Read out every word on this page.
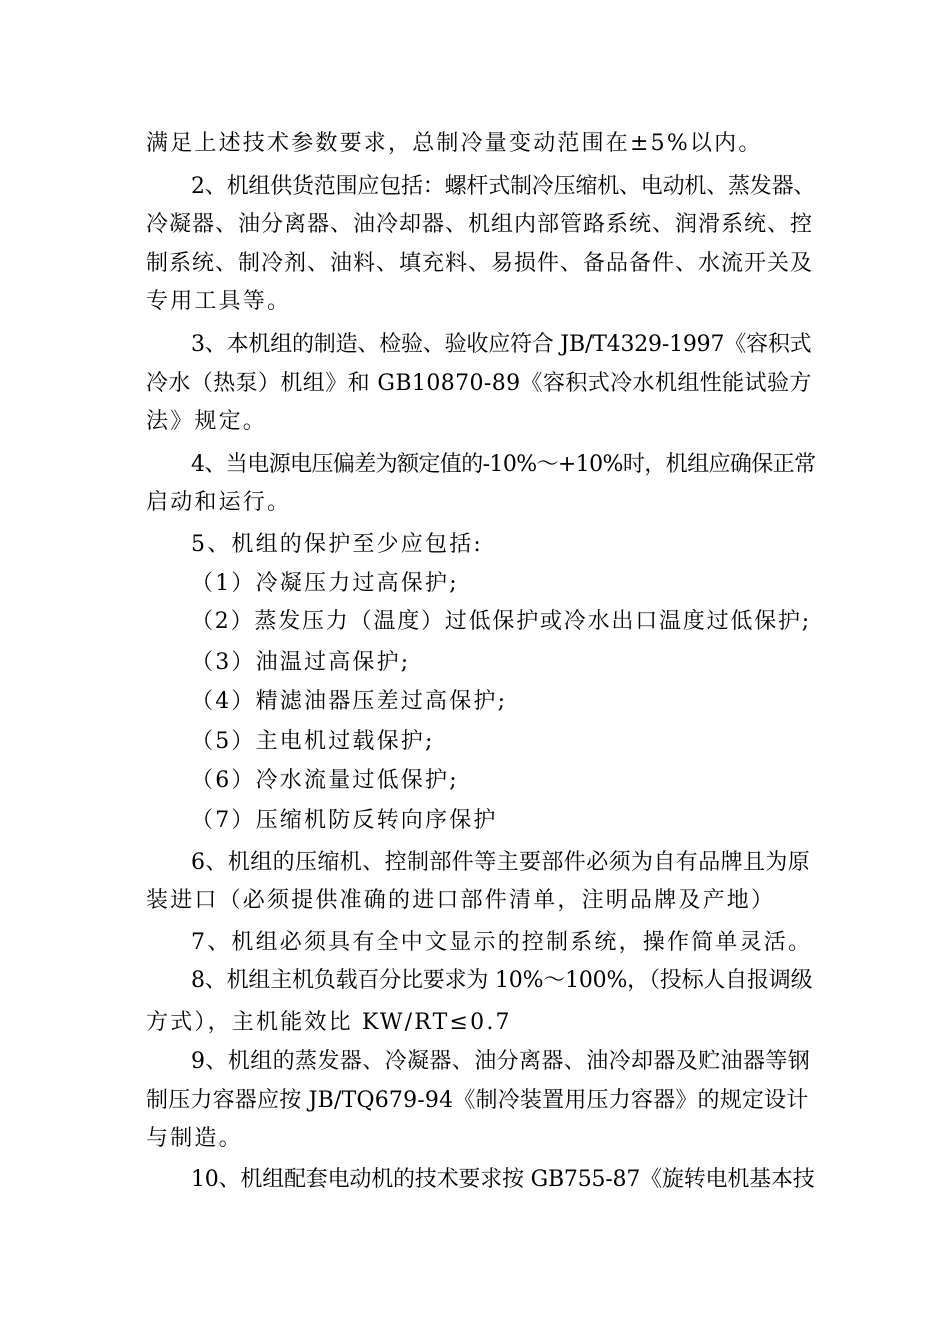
满足上述技术参数要求，总制冷量变动范围在±5%以内。
2、机组供货范围应包括：螺杆式制冷压缩机、电动机、蒸发器、
冷凝器、油分离器、油冷却器、机组内部管路系统、润滑系统、控
制系统、制冷剂、油料、填充料、易损件、备品备件、水流开关及
专用工具等。
3、本机组的制造、检验、验收应符合 JB/T4329-1997《容积式
冷水（热泵）机组》和 GB10870-89《容积式冷水机组性能试验方
法》规定。
4、当电源电压偏差为额定值的-10%～+10%时，机组应确保正常
启动和运行。
5、机组的保护至少应包括:
（1）冷凝压力过高保护;
（2）蒸发压力（温度）过低保护或冷水出口温度过低保护;
（3）油温过高保护;
（4）精滤油器压差过高保护;
（5）主电机过载保护;
（6）冷水流量过低保护;
（7）压缩机防反转向序保护
6、机组的压缩机、控制部件等主要部件必须为自有品牌且为原
装进口（必须提供准确的进口部件清单，注明品牌及产地）
7、机组必须具有全中文显示的控制系统，操作简单灵活。
8、机组主机负载百分比要求为 10%～100%，（投标人自报调级
方式），主机能效比 KW/RT≤0.7
9、机组的蒸发器、冷凝器、油分离器、油冷却器及贮油器等钢
制压力容器应按 JB/TQ679-94《制冷装置用压力容器》的规定设计
与制造。
10、机组配套电动机的技术要求按 GB755-87《旋转电机基本技
